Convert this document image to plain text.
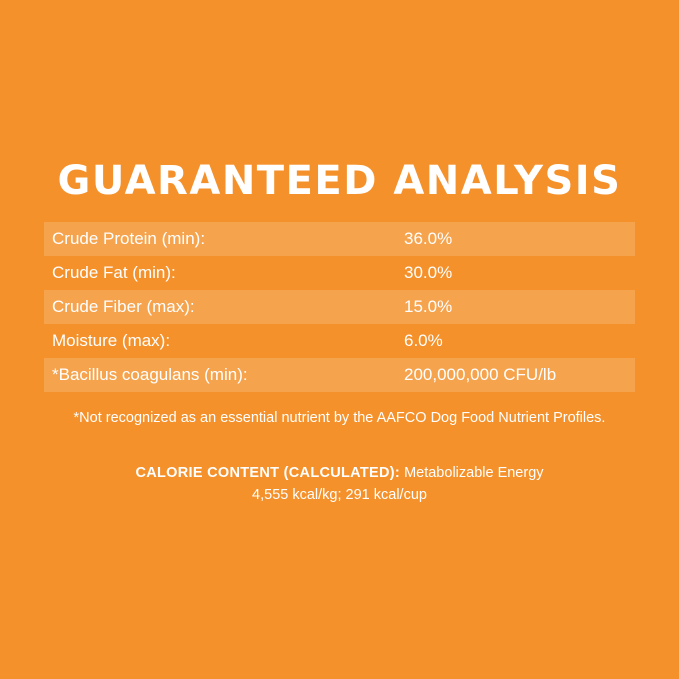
GUARANTEED ANALYSIS
Crude Protein (min):	36.0%
Crude Fat (min):	30.0%
Crude Fiber (max):	15.0%
Moisture (max):	6.0%
*Bacillus coagulans (min):	200,000,000 CFU/lb
*Not recognized as an essential nutrient by the AAFCO Dog Food Nutrient Profiles.
CALORIE CONTENT (CALCULATED): Metabolizable Energy
4,555 kcal/kg; 291 kcal/cup
